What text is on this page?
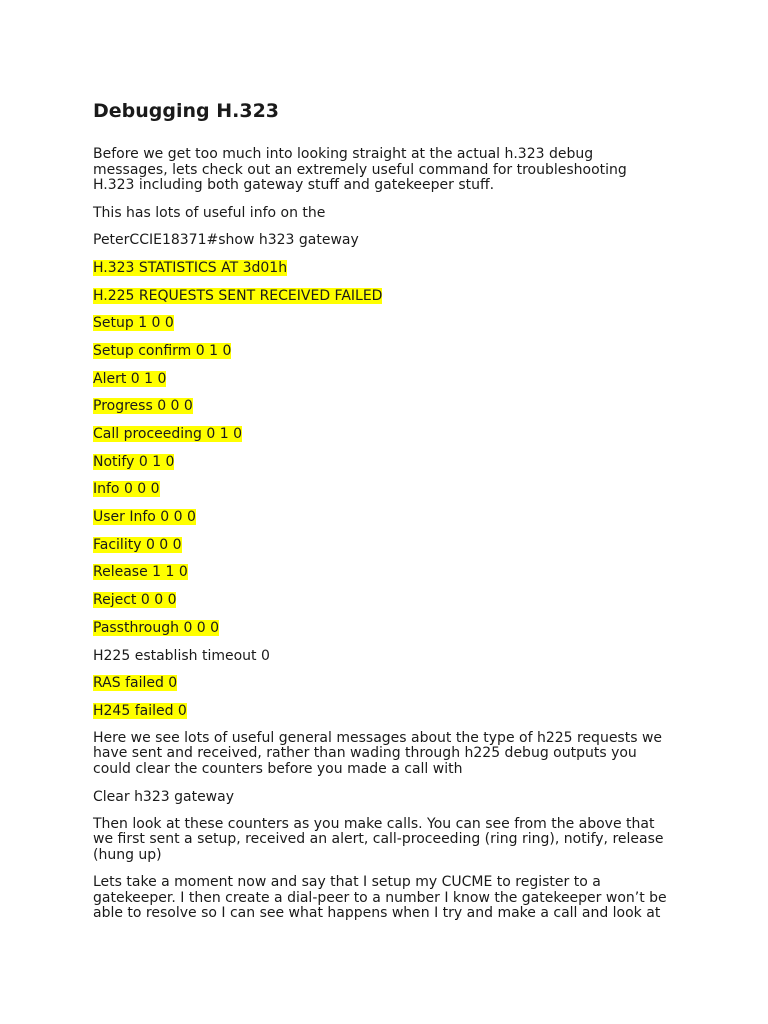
Debugging H.323
Before we get too much into looking straight at the actual h.323 debug
messages, lets check out an extremely useful command for troubleshooting
H.323 including both gateway stuff and gatekeeper stuff.
This has lots of useful info on the
PeterCCIE18371#show h323 gateway
H.323 STATISTICS AT 3d01h
H.225 REQUESTS SENT RECEIVED FAILED
Setup 1 0 0
Setup confirm 0 1 0
Alert 0 1 0
Progress 0 0 0
Call proceeding 0 1 0
Notify 0 1 0
Info 0 0 0
User Info 0 0 0
Facility 0 0 0
Release 1 1 0
Reject 0 0 0
Passthrough 0 0 0
H225 establish timeout 0
RAS failed 0
H245 failed 0
Here we see lots of useful general messages about the type of h225 requests we
have sent and received, rather than wading through h225 debug outputs you
could clear the counters before you made a call with
Clear h323 gateway
Then look at these counters as you make calls. You can see from the above that
we first sent a setup, received an alert, call-proceeding (ring ring), notify, release
(hung up)
Lets take a moment now and say that I setup my CUCME to register to a
gatekeeper. I then create a dial-peer to a number I know the gatekeeper won’t be
able to resolve so I can see what happens when I try and make a call and look at
